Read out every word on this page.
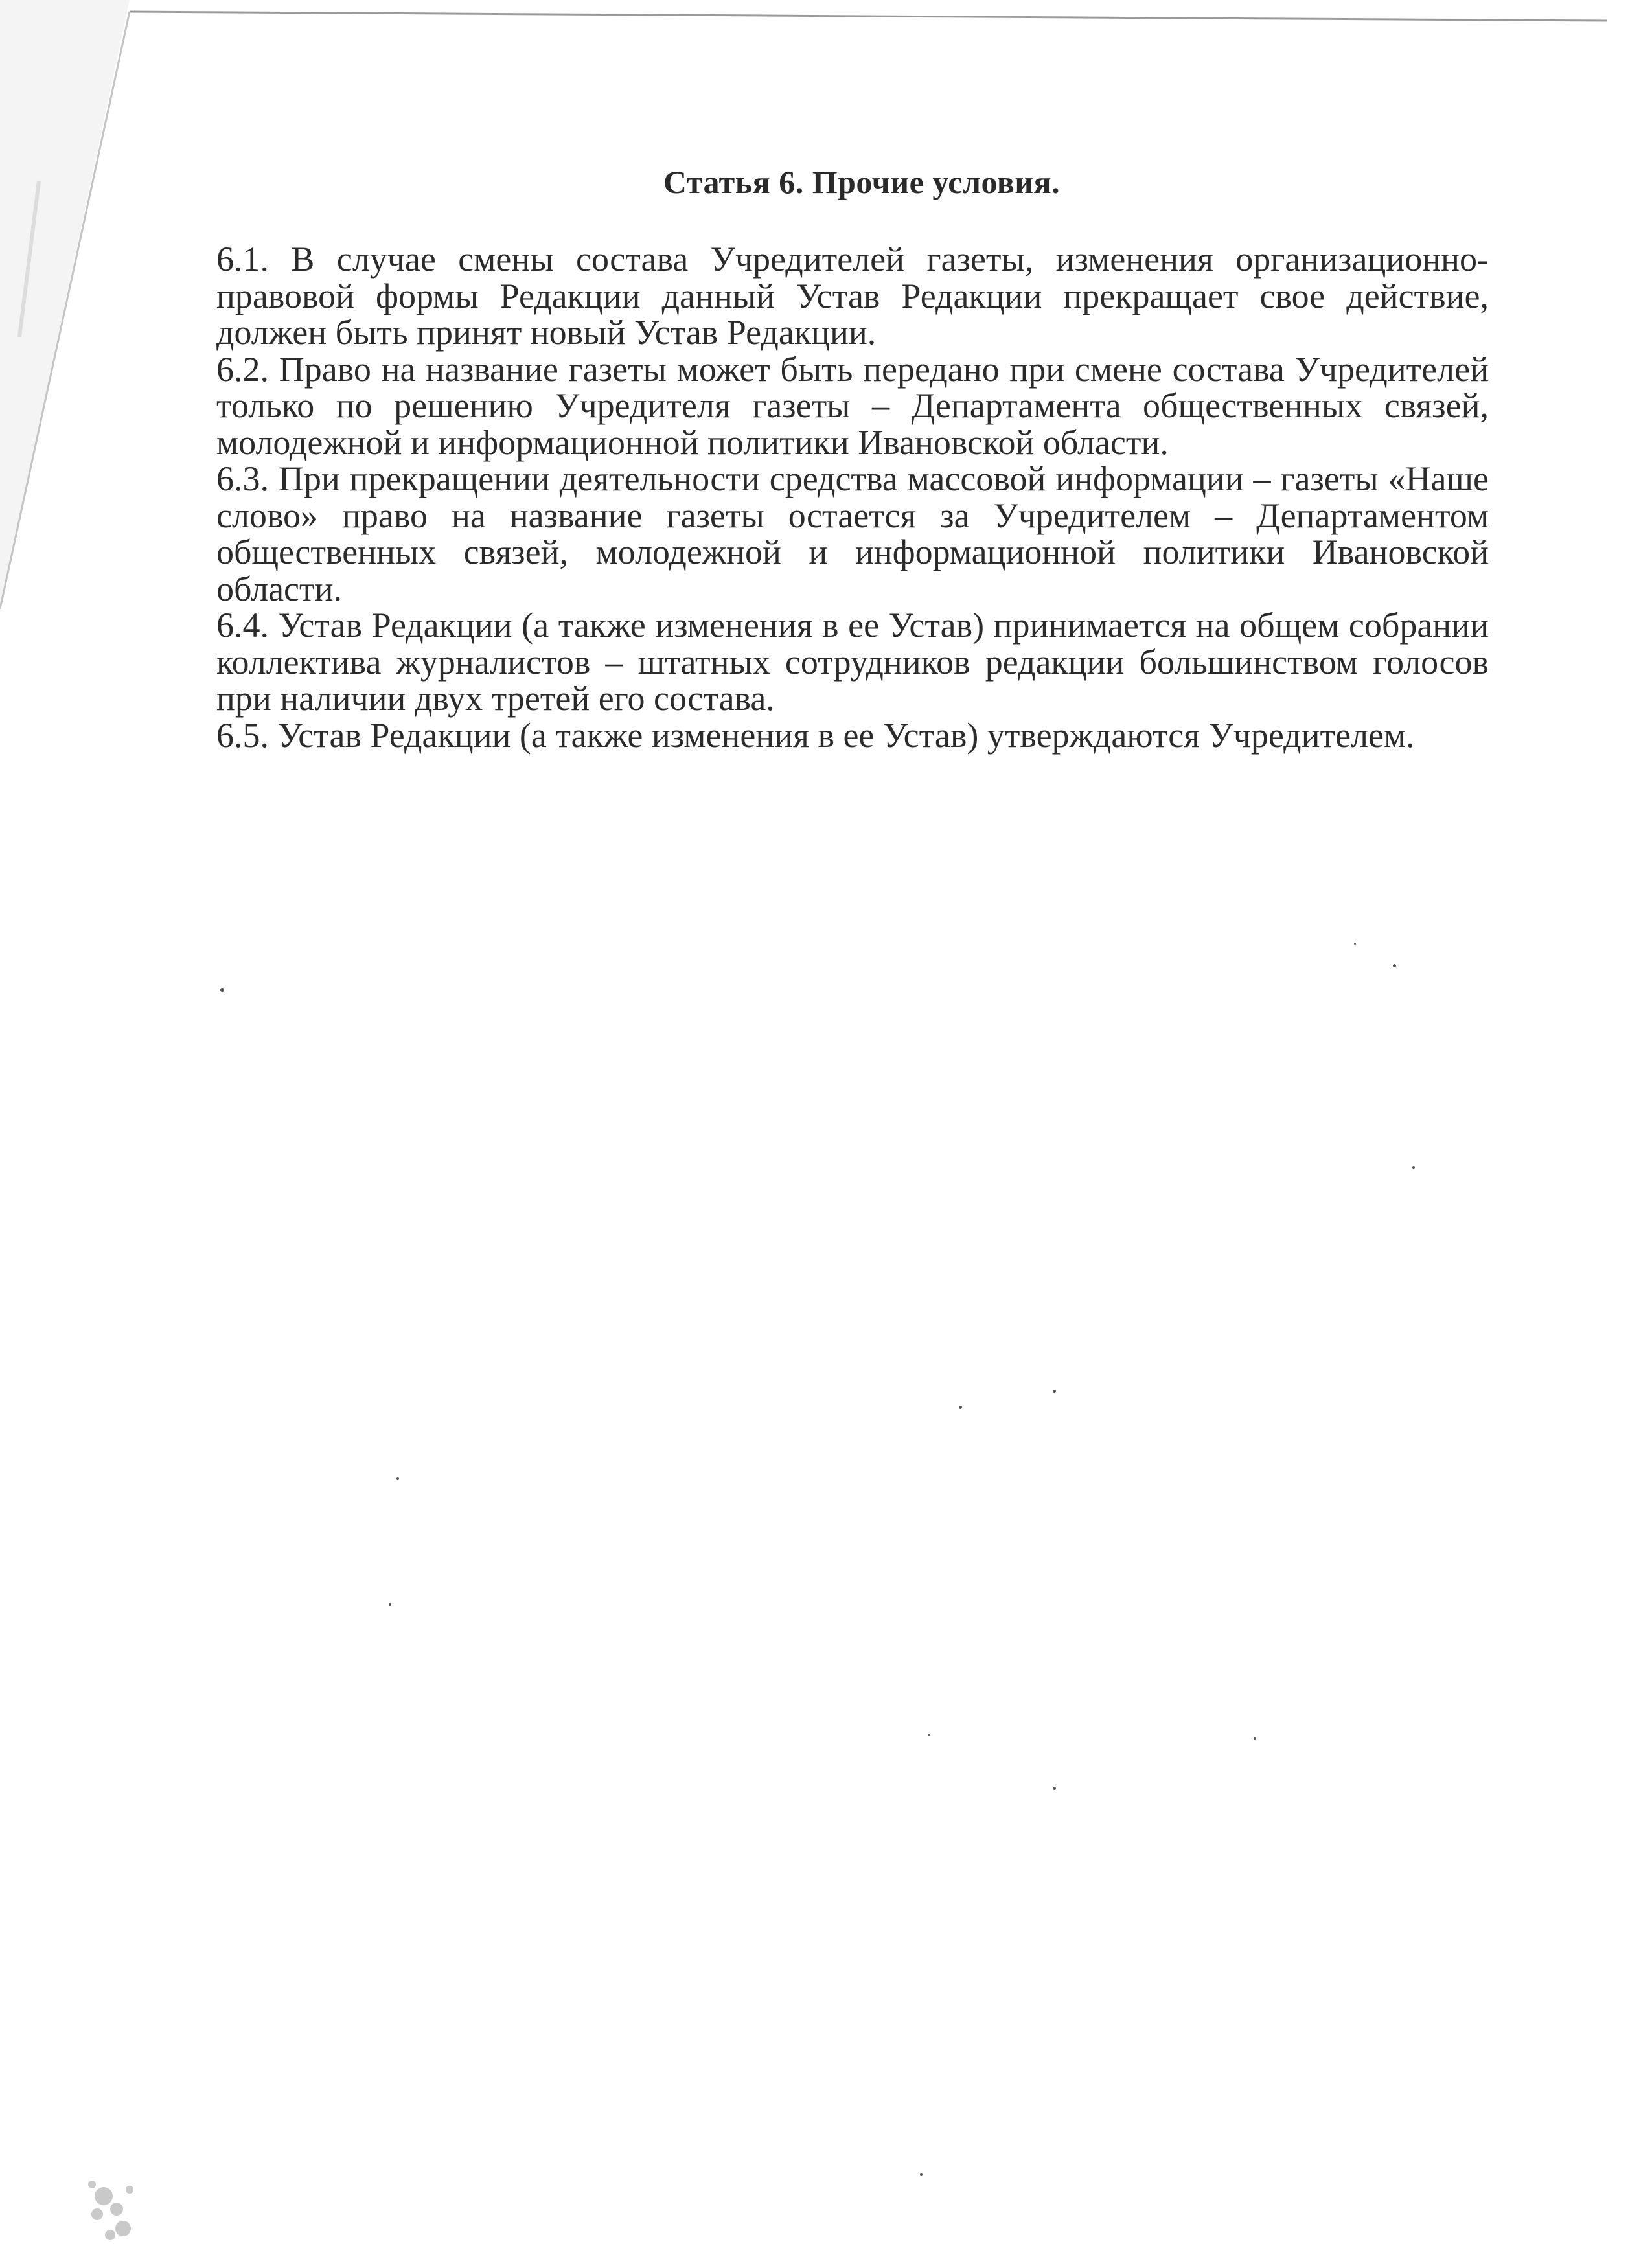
Статья 6. Прочие условия.

6.1. В случае смены состава Учредителей газеты, изменения организационно-правовой формы Редакции данный Устав Редакции прекращает свое действие, должен быть принят новый Устав Редакции.

6.2. Право на название газеты может быть передано при смене состава Учредителей только по решению Учредителя газеты – Департамента общественных связей, молодежной и информационной политики Ивановской области.

6.3. При прекращении деятельности средства массовой информации – газеты «Наше слово» право на название газеты остается за Учредителем – Департаментом общественных связей, молодежной и информационной политики Ивановской области.

6.4. Устав Редакции (а также изменения в ее Устав) принимается на общем собрании коллектива журналистов – штатных сотрудников редакции большинством голосов при наличии двух третей его состава.

6.5. Устав Редакции (а также изменения в ее Устав) утверждаются Учредителем.
